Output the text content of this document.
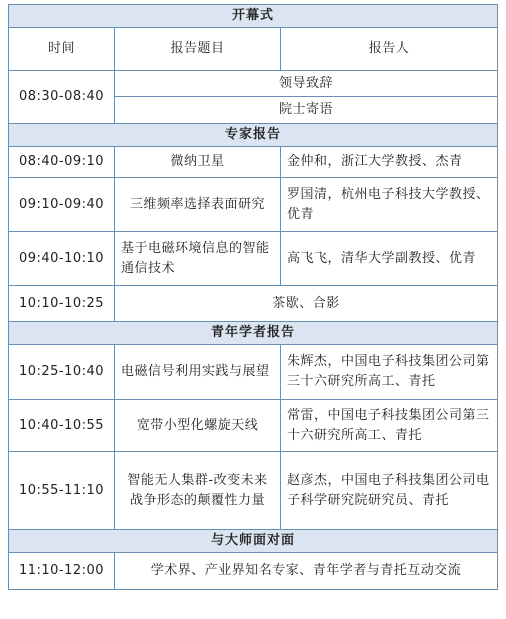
开幕式		
时间	报告题目	报告人
08:30-08:40	领导致辞	
	院士寄语	
专家报告		
08:40-09:10	微纳卫星	金仲和，浙江大学教授、杰青
09:10-09:40	三维频率选择表面研究	罗国清，杭州电子科技大学教授、优青
09:40-10:10	基于电磁环境信息的智能通信技术	高飞飞，清华大学副教授、优青
10:10-10:25	茶歇、合影	
青年学者报告		
10:25-10:40	电磁信号利用实践与展望	朱辉杰，中国电子科技集团公司第三十六研究所高工、青托
10:40-10:55	宽带小型化螺旋天线	常雷，中国电子科技集团公司第三十六研究所高工、青托
10:55-11:10	智能无人集群-改变未来战争形态的颠覆性力量	赵彦杰，中国电子科技集团公司电子科学研究院研究员、青托
与大师面对面		
11:10-12:00	学术界、产业界知名专家、青年学者与青托互动交流	
